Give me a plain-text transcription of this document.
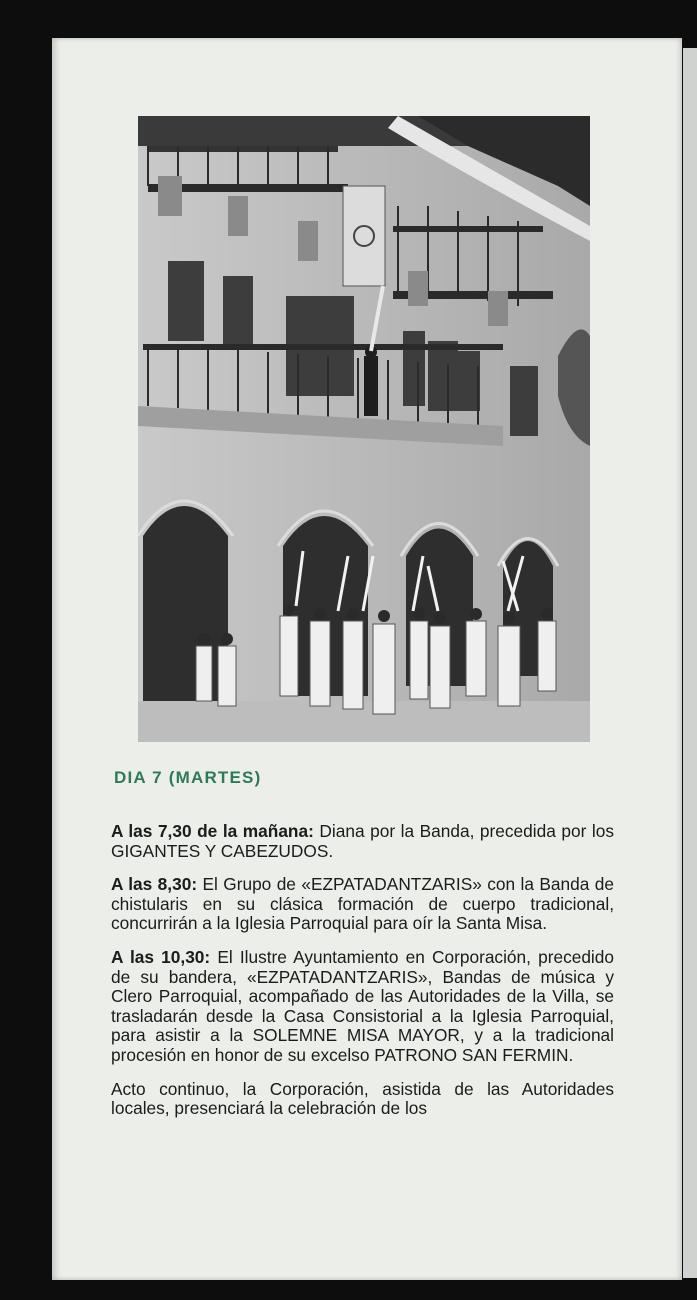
DIA 7 (MARTES)

A las 7,30 de la mañana: Diana por la Banda, precedida por los GIGANTES Y CABEZUDOS.

A las 8,30: El Grupo de «EZPATADANTZARIS» con la Banda de chistularis en su clásica formación de cuerpo tradicional, concurrirán a la Iglesia Parroquial para oír la Santa Misa.

A las 10,30: El Ilustre Ayuntamiento en Corporación, precedido de su bandera, «EZPATADANTZARIS», Bandas de música y Clero Parroquial, acompañado de las Autoridades de la Villa, se trasladarán desde la Casa Consistorial a la Iglesia Parroquial, para asistir a la SOLEMNE MISA MAYOR, y a la tradicional procesión en honor de su excelso PATRONO SAN FERMIN.

Acto continuo, la Corporación, asistida de las Autoridades locales, presenciará la celebración de los
